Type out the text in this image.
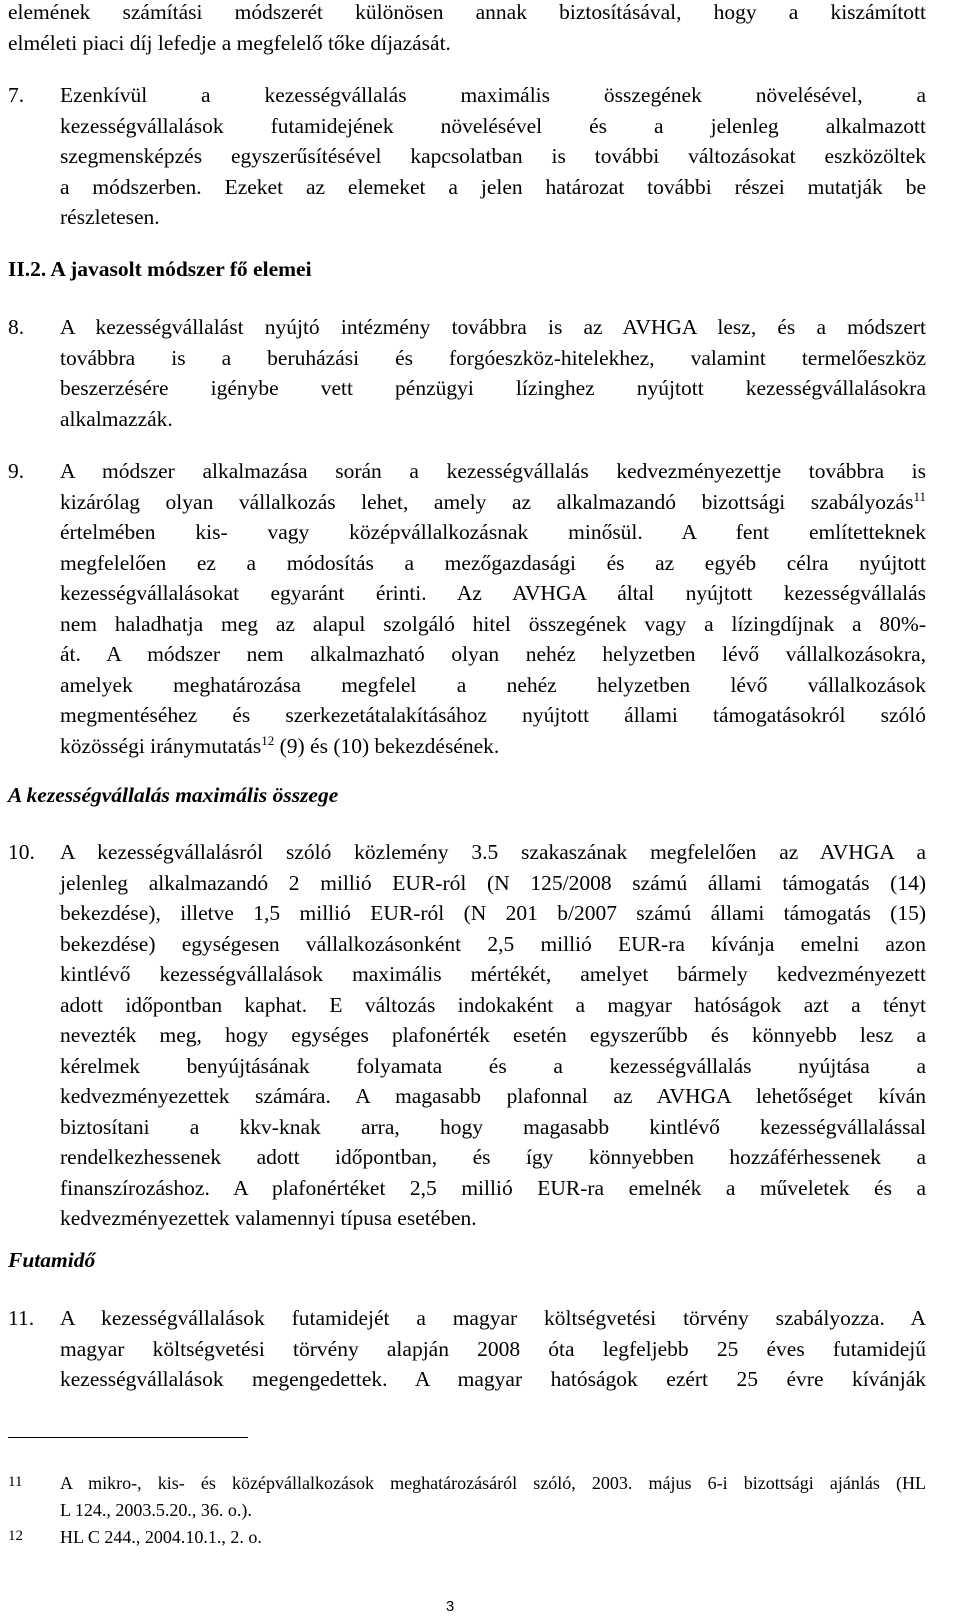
elemének számítási módszerét különösen annak biztosításával, hogy a kiszámított
elméleti piaci díj lefedje a megfelelő tőke díjazását.
7.	Ezenkívül a kezességvállalás maximális összegének növelésével, a
kezességvállalások futamidejének növelésével és a jelenleg alkalmazott
szegmensképzés egyszerűsítésével kapcsolatban is további változásokat eszközöltek
a módszerben. Ezeket az elemeket a jelen határozat további részei mutatják be
részletesen.
II.2. A javasolt módszer fő elemei
8.	A kezességvállalást nyújtó intézmény továbbra is az AVHGA lesz, és a módszert
továbbra is a beruházási és forgóeszköz-hitelekhez, valamint termelőeszköz
beszerzésére igénybe vett pénzügyi lízinghez nyújtott kezességvállalásokra
alkalmazzák.
9.	A módszer alkalmazása során a kezességvállalás kedvezményezettje továbbra is
kizárólag olyan vállalkozás lehet, amely az alkalmazandó bizottsági szabályozás$^{11}$
értelmében kis- vagy középvállalkozásnak minősül. A fent említetteknek
megfelelően ez a módosítás a mezőgazdasági és az egyéb célra nyújtott
kezességvállalásokat egyaránt érinti. Az AVHGA által nyújtott kezességvállalás
nem haladhatja meg az alapul szolgáló hitel összegének vagy a lízingdíjnak a 80%-
át. A módszer nem alkalmazható olyan nehéz helyzetben lévő vállalkozásokra,
amelyek meghatározása megfelel a nehéz helyzetben lévő vállalkozások
megmentéséhez és szerkezetátalakításához nyújtott állami támogatásokról szóló
közösségi iránymutatás$^{12}$ (9) és (10) bekezdésének.
A kezességvállalás maximális összege
10.	A kezességvállalásról szóló közlemény 3.5 szakaszának megfelelően az AVHGA a
jelenleg alkalmazandó 2 millió EUR-ról (N 125/2008 számú állami támogatás (14)
bekezdése), illetve 1,5 millió EUR-ról (N 201 b/2007 számú állami támogatás (15)
bekezdése) egységesen vállalkozásonként 2,5 millió EUR-ra kívánja emelni azon
kintlévő kezességvállalások maximális mértékét, amelyet bármely kedvezményezett
adott időpontban kaphat. E változás indokaként a magyar hatóságok azt a tényt
nevezték meg, hogy egységes plafonérték esetén egyszerűbb és könnyebb lesz a
kérelmek benyújtásának folyamata és a kezességvállalás nyújtása a
kedvezményezettek számára. A magasabb plafonnal az AVHGA lehetőséget kíván
biztosítani a kkv-knak arra, hogy magasabb kintlévő kezességvállalással
rendelkezhessenek adott időpontban, és így könnyebben hozzáférhessenek a
finanszírozáshoz. A plafonértéket 2,5 millió EUR-ra emelnék a műveletek és a
kedvezményezettek valamennyi típusa esetében.
Futamidő
11.	A kezességvállalások futamidejét a magyar költségvetési törvény szabályozza. A
magyar költségvetési törvény alapján 2008 óta legfeljebb 25 éves futamidejű
kezességvállalások megengedettek. A magyar hatóságok ezért 25 évre kívánják
11	A mikro-, kis- és középvállalkozások meghatározásáról szóló, 2003. május 6-i bizottsági ajánlás (HL
L 124., 2003.5.20., 36. o.).
12	HL C 244., 2004.10.1., 2. o.
3
